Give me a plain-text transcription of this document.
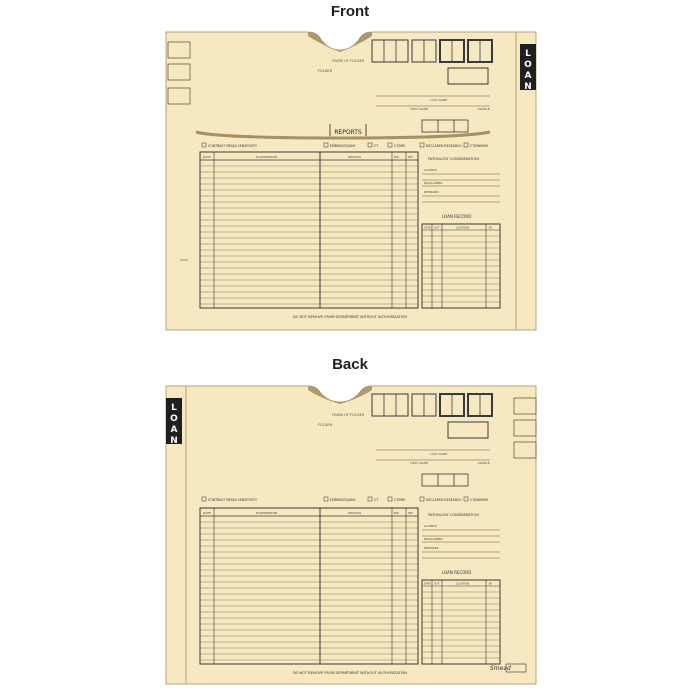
Front
Back
L O A N
FOLDER
YEARS OF FOLDER
LAST NAME
FIRST NAME	MIDDLE
REPORTS
CONTRAST MEDIA SENSITIVITY	EMBRACED/ANY	CT	CT/MRI	DECLARED RESEARCH	CT/MAMMO
DATE	EXAMINATION	RESULTS	RM	INT	PATHOLOGY CONSIDERATION
ALLERGY
DISCLAIMED
REMARKS
LOAN RECORD
DATE OUT	LOCATION	BY
DO NOT REMOVE FROM DEPARTMENT WITHOUT AUTHORIZATION
L O A N
FOLDER
YEARS OF FOLDER
LAST NAME
FIRST NAME	MIDDLE
CONTRAST MEDIA SENSITIVITY	EMBRACED/ANY	CT	CT/MRI	DECLARED RESEARCH	CT/MAMMO
DATE	EXAMINATION	RESULTS	RM	INT	PATHOLOGY CONSIDERATION
ALLERGY
DISCLAIMED
REMARKS
LOAN RECORD
DATE OUT	LOCATION	BY
Smead
DO NOT REMOVE FROM DEPARTMENT WITHOUT AUTHORIZATION
